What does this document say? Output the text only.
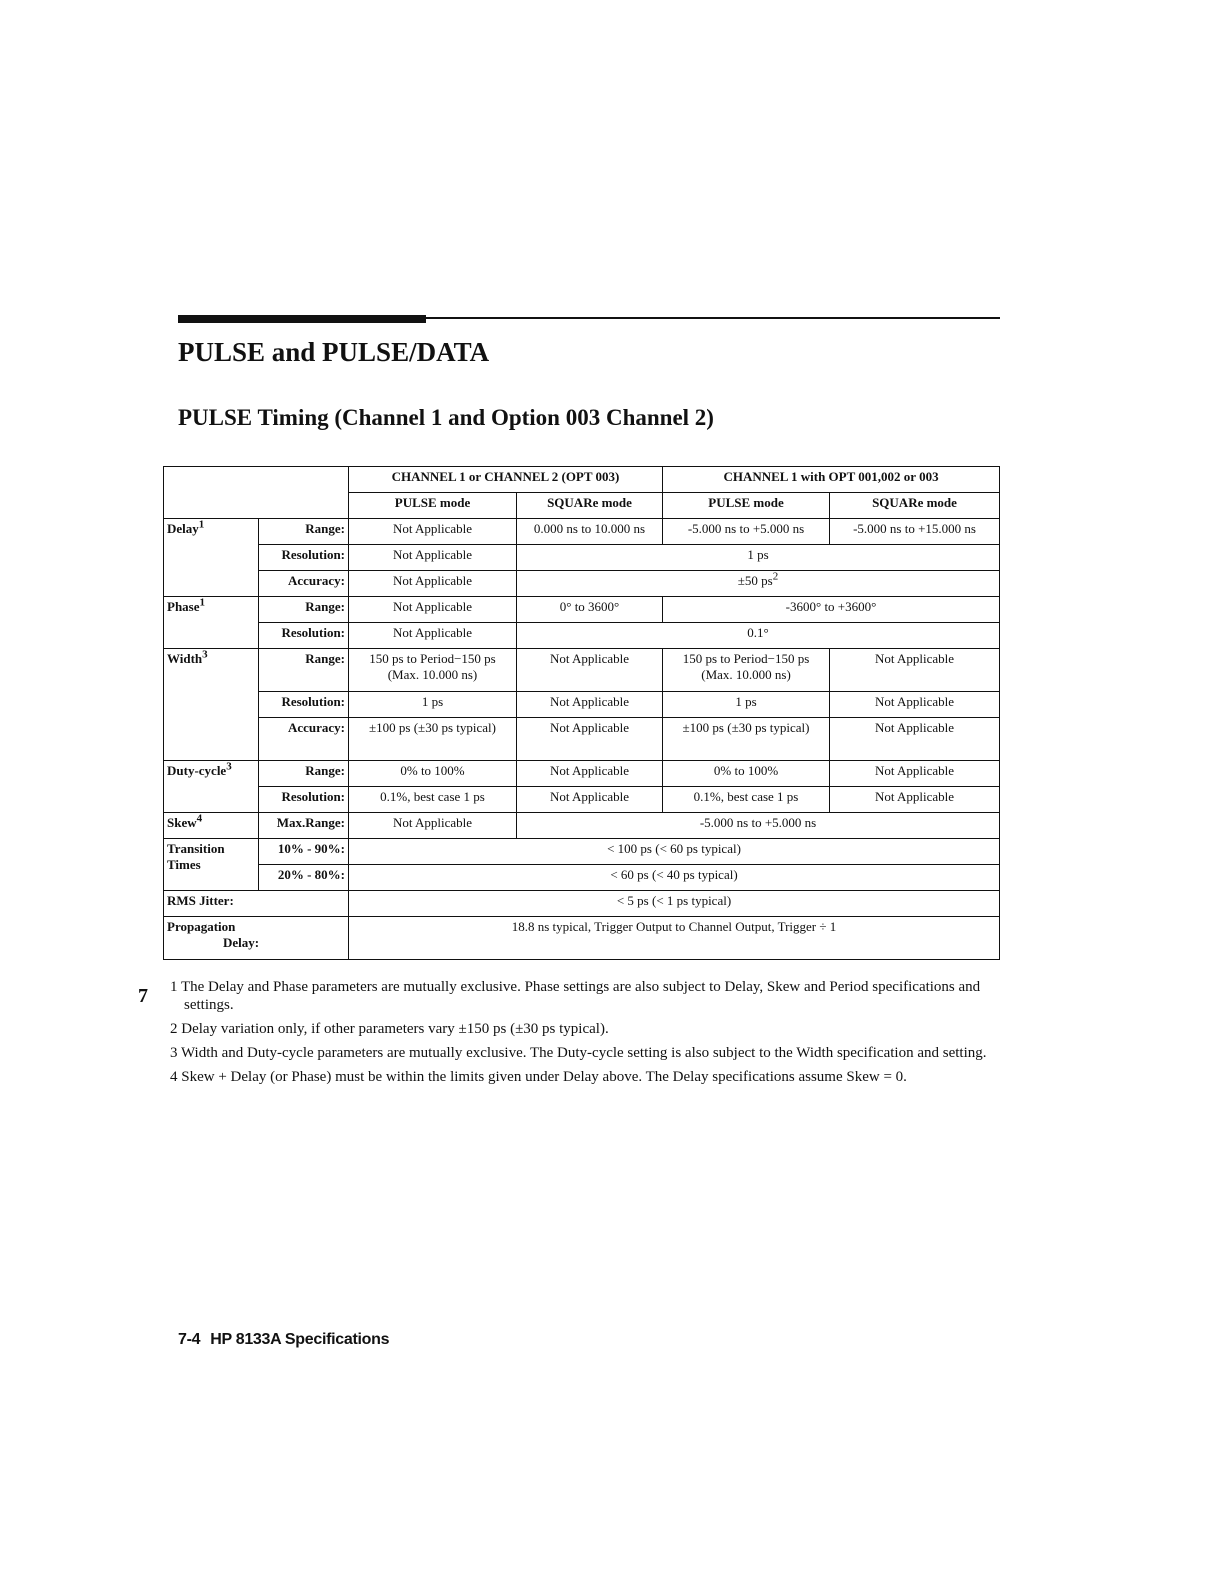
PULSE and PULSE/DATA
PULSE Timing (Channel 1 and Option 003 Channel 2)
		CHANNEL 1 or CHANNEL 2 (OPT 003)		CHANNEL 1 with OPT 001,002 or 003	
		PULSE mode	SQUARe mode	PULSE mode	SQUARe mode
Delay$^1$	Range:	Not Applicable	0.000 ns to 10.000 ns	-5.000 ns to +5.000 ns	-5.000 ns to +15.000 ns
	Resolution:	Not Applicable	1 ps		
	Accuracy:	Not Applicable	±50 $ps^2$
Phase$^1$	Range:	Not Applicable	0° to 3600°	-3600° to +3600°	
	Resolution:	Not Applicable	0.1°		
Width$^3$	Range:	150 ps to Period−150 ps (Max. 10.000 ns)	Not Applicable	150 ps to Period−150 ps (Max. 10.000 ns)	Not Applicable
	Resolution:	1 ps	Not Applicable	1 ps	Not Applicable
	Accuracy:	±100 ps (±30 ps typical)	Not Applicable	±100 ps (±30 ps typical)	Not Applicable
Duty-cycle$^3$	Range:	0% to 100%	Not Applicable	0% to 100%	Not Applicable
	Resolution:	0.1%, best case 1 ps	Not Applicable	0.1%, best case 1 ps	Not Applicable
Skew$^4$	Max.Range:	Not Applicable	-5.000 ns to +5.000 ns		
Transition Times	10% - 90%:	< 100 ps (< 60 ps typical)			
	20% - 80%:	< 60 ps (< 40 ps typical)			
RMS Jitter:		< 5 ps (< 1 ps typical)			

Propagation
Delay:		18.8 ns typical, Trigger Output to Channel Output, Trigger ÷ 1			
7 1 The Delay and Phase parameters are mutually exclusive. Phase settings are also subject to Delay, Skew and Period specifications and settings.

2 Delay variation only, if other parameters vary ±150 ps (±30 ps typical).

3 Width and Duty-cycle parameters are mutually exclusive. The Duty-cycle setting is also subject to the Width specification and setting.

4 Skew + Delay (or Phase) must be within the limits given under Delay above. The Delay specifications assume Skew = 0.

7-4 HP 8133A Specifications
